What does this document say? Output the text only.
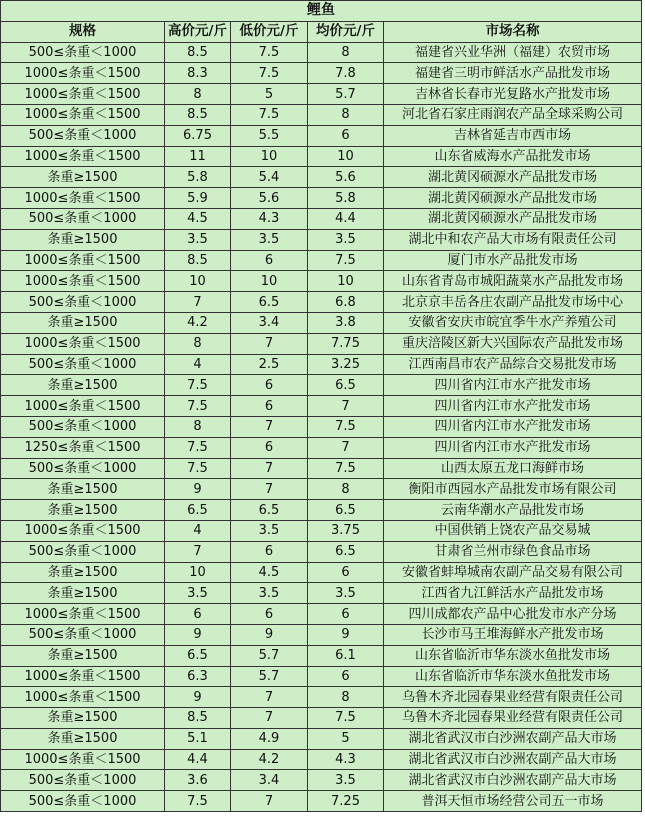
鲤鱼				
规格	高价元/斤	低价元/斤	均价元/斤	市场名称
500≤条重＜1000	8.5	7.5	8	福建省兴业华洲（福建）农贸市场
1000≤条重＜1500	8.3	7.5	7.8	福建省三明市鲜活水产品批发市场
1000≤条重＜1500	8	5	5.7	吉林省长春市光复路水产批发市场
1000≤条重＜1500	8.5	7.5	8	河北省石家庄雨润农产品全球采购公司
500≤条重＜1000	6.75	5.5	6	吉林省延吉市西市场
1000≤条重＜1500	11	10	10	山东省威海水产品批发市场
条重≥1500	5.8	5.4	5.6	湖北黄冈硕源水产品批发市场
1000≤条重＜1500	5.9	5.6	5.8	湖北黄冈硕源水产品批发市场
500≤条重＜1000	4.5	4.3	4.4	湖北黄冈硕源水产品批发市场
条重≥1500	3.5	3.5	3.5	湖北中和农产品大市场有限责任公司
1000≤条重＜1500	8.5	6	7.5	厦门市水产品批发市场
1000≤条重＜1500	10	10	10	山东省青岛市城阳蔬菜水产品批发市场
500≤条重＜1000	7	6.5	6.8	北京京丰岳各庄农副产品批发市场中心
条重≥1500	4.2	3.4	3.8	安徽省安庆市皖宜季牛水产养殖公司
1000≤条重＜1500	8	7	7.75	重庆涪陵区新大兴国际农产品批发市场
500≤条重＜1000	4	2.5	3.25	江西南昌市农产品综合交易批发市场
条重≥1500	7.5	6	6.5	四川省内江市水产批发市场
1000≤条重＜1500	7.5	6	7	四川省内江市水产批发市场
500≤条重＜1000	8	7	7.5	四川省内江市水产批发市场
1250≤条重＜1500	7.5	6	7	四川省内江市水产批发市场
500≤条重＜1000	7.5	7	7.5	山西太原五龙口海鲜市场
条重≥1500	9	7	8	衡阳市西园水产品批发市场有限公司
条重≥1500	6.5	6.5	6.5	云南华潮水产品批发市场
1000≤条重＜1500	4	3.5	3.75	中国供销上饶农产品交易城
500≤条重＜1000	7	6	6.5	甘肃省兰州市绿色食品市场
条重≥1500	10	4.5	6	安徽省蚌埠城南农副产品交易有限公司
条重≥1500	3.5	3.5	3.5	江西省九江鲜活水产品批发市场
1000≤条重＜1500	6	6	6	四川成都农产品中心批发市水产分场
500≤条重＜1000	9	9	9	长沙市马王堆海鲜水产批发市场
条重≥1500	6.5	5.7	6.1	山东省临沂市华东淡水鱼批发市场
1000≤条重＜1500	6.3	5.7	6	山东省临沂市华东淡水鱼批发市场
1000≤条重＜1500	9	7	8	乌鲁木齐北园春果业经营有限责任公司
条重≥1500	8.5	7	7.5	乌鲁木齐北园春果业经营有限责任公司
条重≥1500	5.1	4.9	5	湖北省武汉市白沙洲农副产品大市场
1000≤条重＜1500	4.4	4.2	4.3	湖北省武汉市白沙洲农副产品大市场
500≤条重＜1000	3.6	3.4	3.5	湖北省武汉市白沙洲农副产品大市场
500≤条重＜1000	7.5	7	7.25	普洱天恒市场经营公司五一市场
